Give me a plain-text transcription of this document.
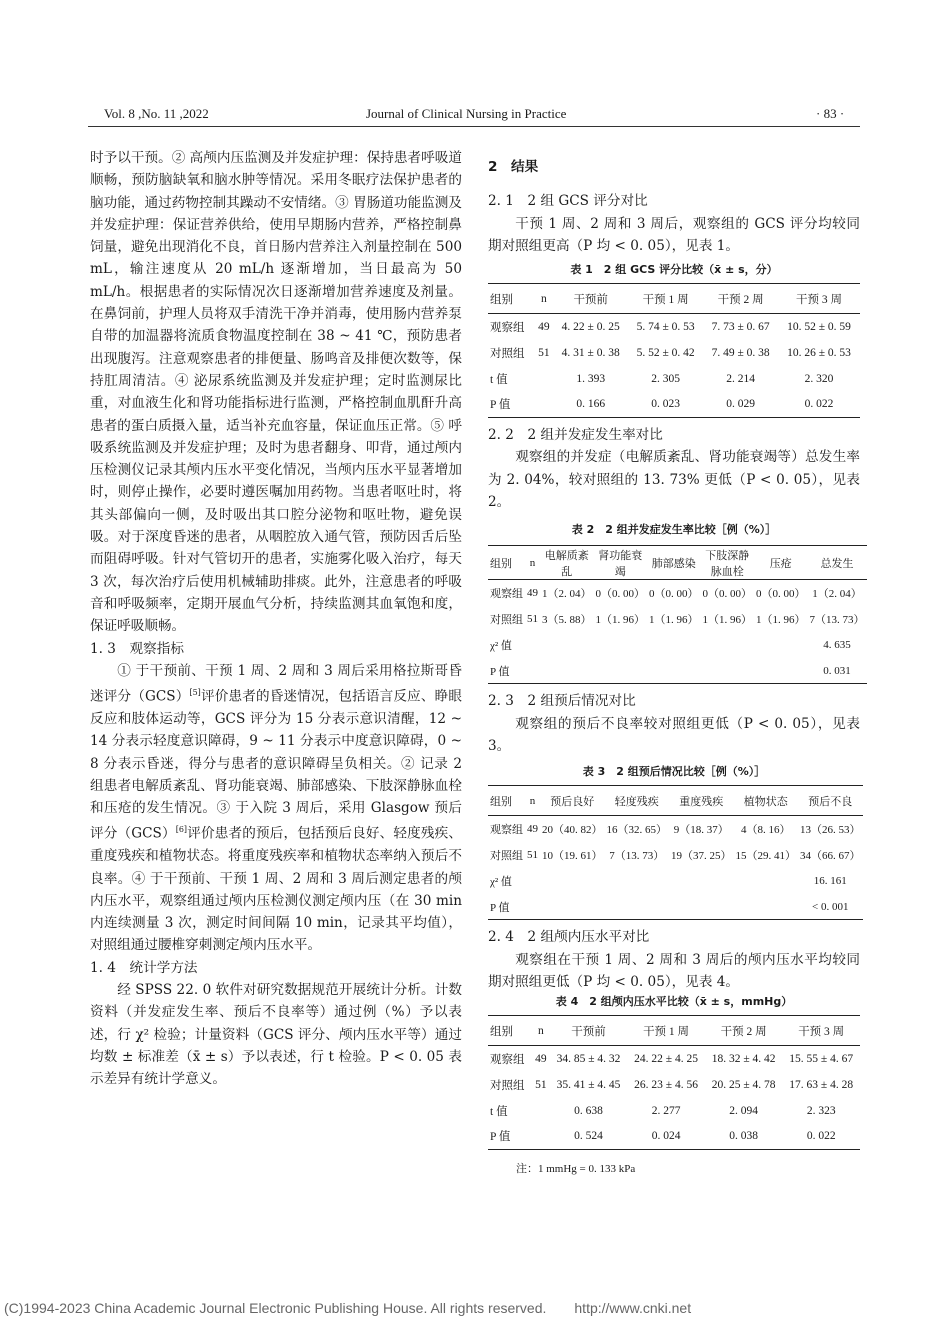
Vol. 8 ,No. 11 ,2022	Journal of Clinical Nursing in Practice	· 83 ·

时予以干预。② 高颅内压监测及并发症护理：保持患者呼吸道顺畅，预防脑缺氧和脑水肿等情况。采用冬眠疗法保护患者的脑功能，通过药物控制其躁动不安情绪。③ 胃肠道功能监测及并发症护理：保证营养供给，使用早期肠内营养，严格控制鼻饲量，避免出现消化不良，首日肠内营养注入剂量控制在 500 mL，输注速度从 20 mL/h 逐渐增加，当日最高为 50 mL/h。根据患者的实际情况次日逐渐增加营养速度及剂量。在鼻饲前，护理人员将双手清洗干净并消毒，使用肠内营养泵自带的加温器将流质食物温度控制在 38 ~ 41 ℃，预防患者出现腹泻。注意观察患者的排便量、肠鸣音及排便次数等，保持肛周清洁。④ 泌尿系统监测及并发症护理；定时监测尿比重，对血液生化和肾功能指标进行监测，严格控制血肌酐升高患者的蛋白质摄入量，适当补充血容量，保证血压正常。⑤ 呼吸系统监测及并发症护理；及时为患者翻身、叩背，通过颅内压检测仪记录其颅内压水平变化情况，当颅内压水平显著增加时，则停止操作，必要时遵医嘱加用药物。当患者呕吐时，将其头部偏向一侧，及时吸出其口腔分泌物和呕吐物，避免误吸。对于深度昏迷的患者，从咽腔放入通气管，预防因舌后坠而阻碍呼吸。针对气管切开的患者，实施雾化吸入治疗，每天 3 次，每次治疗后使用机械辅助排痰。此外，注意患者的呼吸音和呼吸频率，定期开展血气分析，持续监测其血氧饱和度，保证呼吸顺畅。

1. 3　观察指标

① 于干预前、干预 1 周、2 周和 3 周后采用格拉斯哥昏迷评分（GCS）[5]评价患者的昏迷情况，包括语言反应、睁眼反应和肢体运动等，GCS 评分为 15 分表示意识清醒，12 ~ 14 分表示轻度意识障碍，9 ~ 11 分表示中度意识障碍，0 ~ 8 分表示昏迷，得分与患者的意识障碍呈负相关。② 记录 2 组患者电解质紊乱、肾功能衰竭、肺部感染、下肢深静脉血栓和压疮的发生情况。③ 于入院 3 周后，采用 Glasgow 预后评分（GCS）[6]评价患者的预后，包括预后良好、轻度残疾、重度残疾和植物状态。将重度残疾率和植物状态率纳入预后不良率。④ 于干预前、干预 1 周、2 周和 3 周后测定患者的颅内压水平，观察组通过颅内压检测仪测定颅内压（在 30 min 内连续测量 3 次，测定时间间隔 10 min，记录其平均值），对照组通过腰椎穿刺测定颅内压水平。

1. 4　统计学方法

经 SPSS 22. 0 软件对研究数据规范开展统计分析。计数资料（并发症发生率、预后不良率等）通过例（%）予以表述，行 χ² 检验；计量资料（GCS 评分、颅内压水平等）通过均数 ± 标准差（x̄ ± s）予以表述，行 t 检验。P < 0. 05 表示差异有统计学意义。

2　结果
2. 1　2 组 GCS 评分对比

干预 1 周、2 周和 3 周后，观察组的 GCS 评分均较同期对照组更高（P 均 < 0. 05），见表 1。

表 1　2 组 GCS 评分比较（x̄ ± s，分）
组别	n	干预前	干预 1 周	干预 2 周	干预 3 周
观察组	49	4. 22 ± 0. 25	5. 74 ± 0. 53	7. 73 ± 0. 67	10. 52 ± 0. 59
对照组	51	4. 31 ± 0. 38	5. 52 ± 0. 42	7. 49 ± 0. 38	10. 26 ± 0. 53
t 值		1. 393	2. 305	2. 214	2. 320
P 值		0. 166	0. 023	0. 029	0. 022
2. 2　2 组并发症发生率对比

观察组的并发症（电解质紊乱、肾功能衰竭等）总发生率为 2. 04%，较对照组的 13. 73% 更低（P < 0. 05），见表 2。

表 2　2 组并发症发生率比较［例（%）］
组别	n	电解质紊乱	肾功能衰竭	肺部感染	下肢深静脉血栓	压疮	总发生
观察组	49	1（2. 04）	0（0. 00）	0（0. 00）	0（0. 00）	0（0. 00）	1（2. 04）
对照组	51	3（5. 88）	1（1. 96）	1（1. 96）	1（1. 96）	1（1. 96）	7（13. 73）
χ² 值							4. 635
P 值							0. 031
2. 3　2 组预后情况对比

观察组的预后不良率较对照组更低（P < 0. 05），见表 3。

表 3　2 组预后情况比较［例（%）］
组别	n	预后良好	轻度残疾	重度残疾	植物状态	预后不良
观察组	49	20（40. 82）	16（32. 65）	9（18. 37）	4（8. 16）	13（26. 53）
对照组	51	10（19. 61）	7（13. 73）	19（37. 25）	15（29. 41）	34（66. 67）
χ² 值						16. 161
P 值						< 0. 001
2. 4　2 组颅内压水平对比

观察组在干预 1 周、2 周和 3 周后的颅内压水平均较同期对照组更低（P 均 < 0. 05），见表 4。

表 4　2 组颅内压水平比较（x̄ ± s，mmHg）
组别	n	干预前	干预 1 周	干预 2 周	干预 3 周
观察组	49	34. 85 ± 4. 32	24. 22 ± 4. 25	18. 32 ± 4. 42	15. 55 ± 4. 67
对照组	51	35. 41 ± 4. 45	26. 23 ± 4. 56	20. 25 ± 4. 78	17. 63 ± 4. 28
t 值		0. 638	2. 277	2. 094	2. 323
P 值		0. 524	0. 024	0. 038	0. 022
注：1 mmHg = 0. 133 kPa
(C)1994-2023 China Academic Journal Electronic Publishing House. All rights reserved.　　http://www.cnki.net
